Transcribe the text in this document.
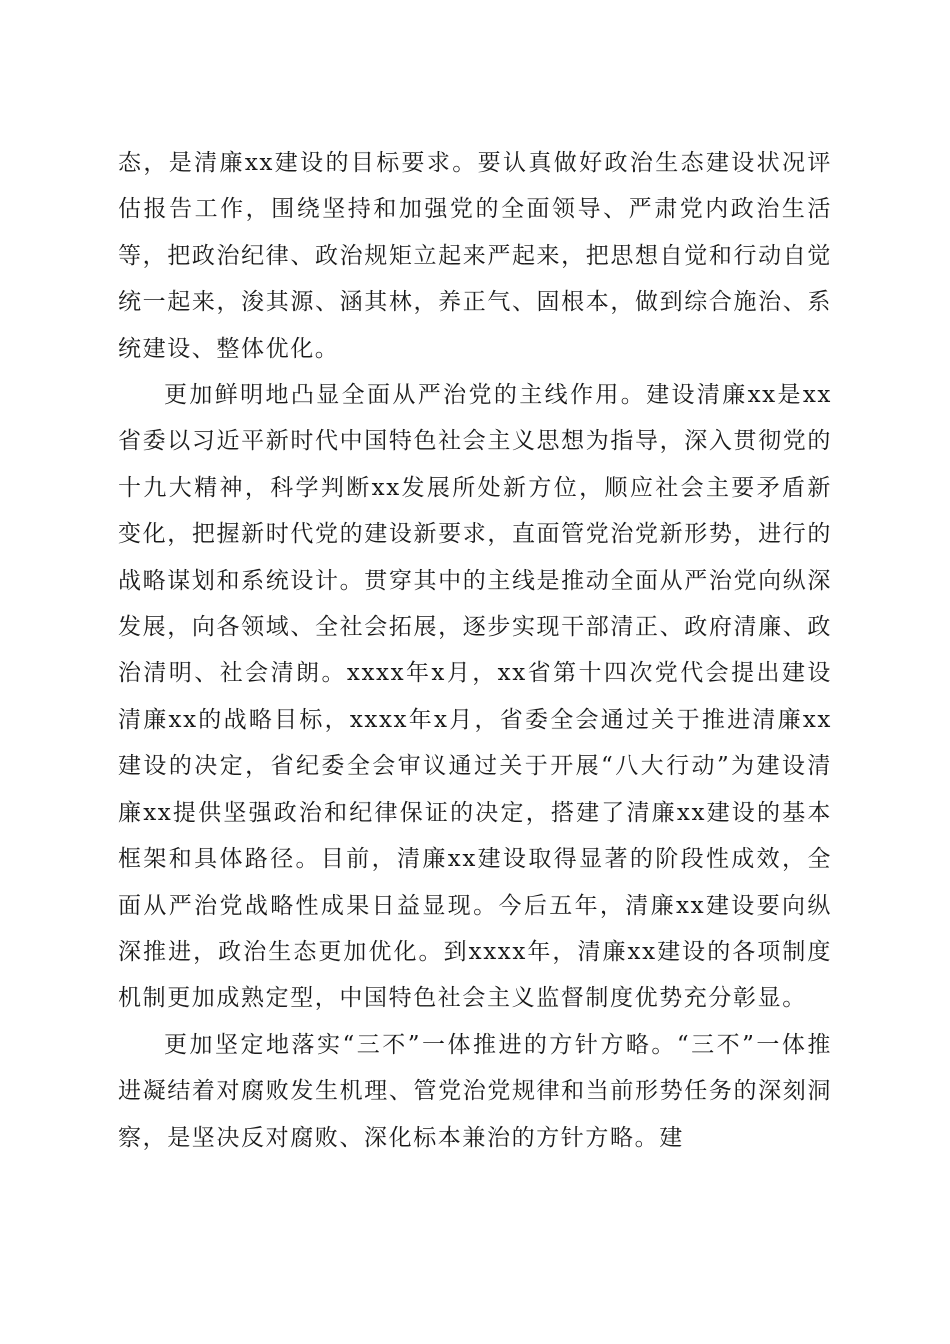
态，是清廉xx建设的目标要求。要认真做好政治生态建设状况评估报告工作，围绕坚持和加强党的全面领导、严肃党内政治生活等，把政治纪律、政治规矩立起来严起来，把思想自觉和行动自觉统一起来，浚其源、涵其林，养正气、固根本，做到综合施治、系统建设、整体优化。

更加鲜明地凸显全面从严治党的主线作用。建设清廉xx是xx省委以习近平新时代中国特色社会主义思想为指导，深入贯彻党的十九大精神，科学判断xx发展所处新方位，顺应社会主要矛盾新变化，把握新时代党的建设新要求，直面管党治党新形势，进行的战略谋划和系统设计。贯穿其中的主线是推动全面从严治党向纵深发展，向各领域、全社会拓展，逐步实现干部清正、政府清廉、政治清明、社会清朗。xxxx年x月，xx省第十四次党代会提出建设清廉xx的战略目标，xxxx年x月，省委全会通过关于推进清廉xx建设的决定，省纪委全会审议通过关于开展“八大行动”为建设清廉xx提供坚强政治和纪律保证的决定，搭建了清廉xx建设的基本框架和具体路径。目前，清廉xx建设取得显著的阶段性成效，全面从严治党战略性成果日益显现。今后五年，清廉xx建设要向纵深推进，政治生态更加优化。到xxxx年，清廉xx建设的各项制度机制更加成熟定型，中国特色社会主义监督制度优势充分彰显。

更加坚定地落实“三不”一体推进的方针方略。“三不”一体推进凝结着对腐败发生机理、管党治党规律和当前形势任务的深刻洞察，是坚决反对腐败、深化标本兼治的方针方略。建
